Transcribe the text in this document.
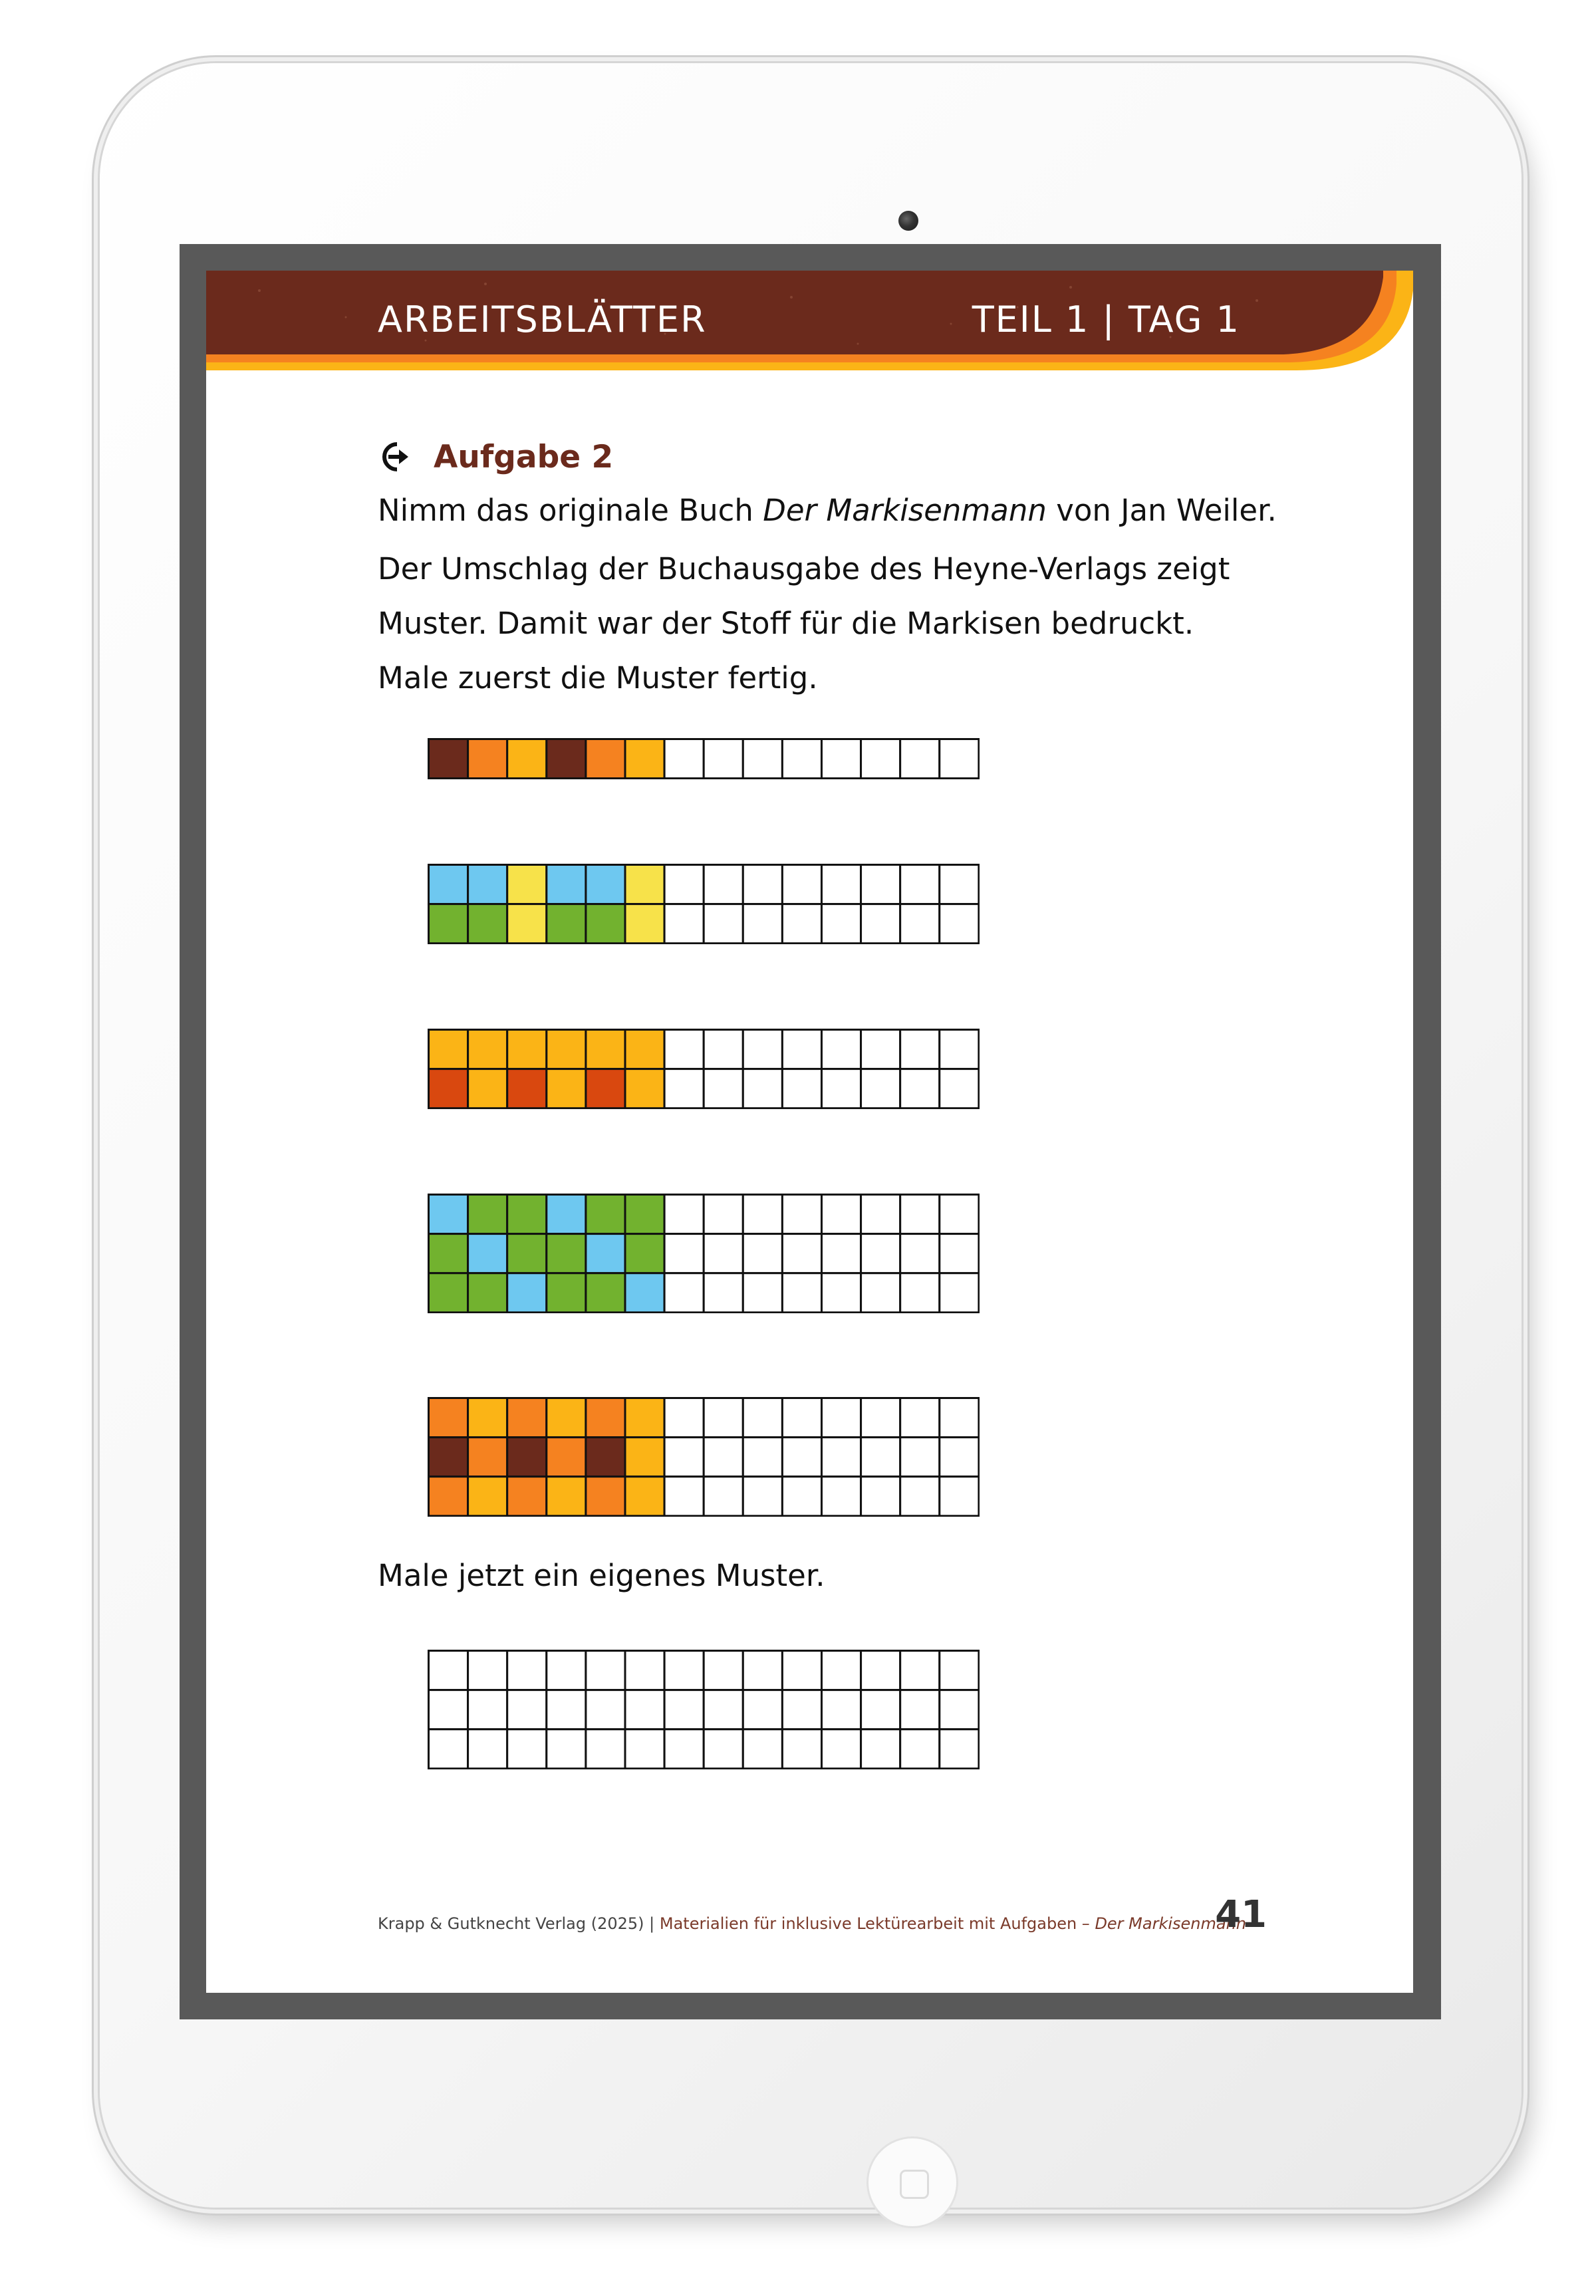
ARBEITSBLÄTTER	TEIL 1 | TAG 1
Aufgabe 2
Nimm das originale Buch Der Markisenmann von Jan Weiler.
Der Umschlag der Buchausgabe des Heyne-Verlags zeigt
Muster. Damit war der Stoff für die Markisen bedruckt.
Male zuerst die Muster fertig.
Male jetzt ein eigenes Muster.
Krapp & Gutknecht Verlag (2025) | Materialien für inklusive Lektürearbeit mit Aufgaben – Der Markisenmann
41
